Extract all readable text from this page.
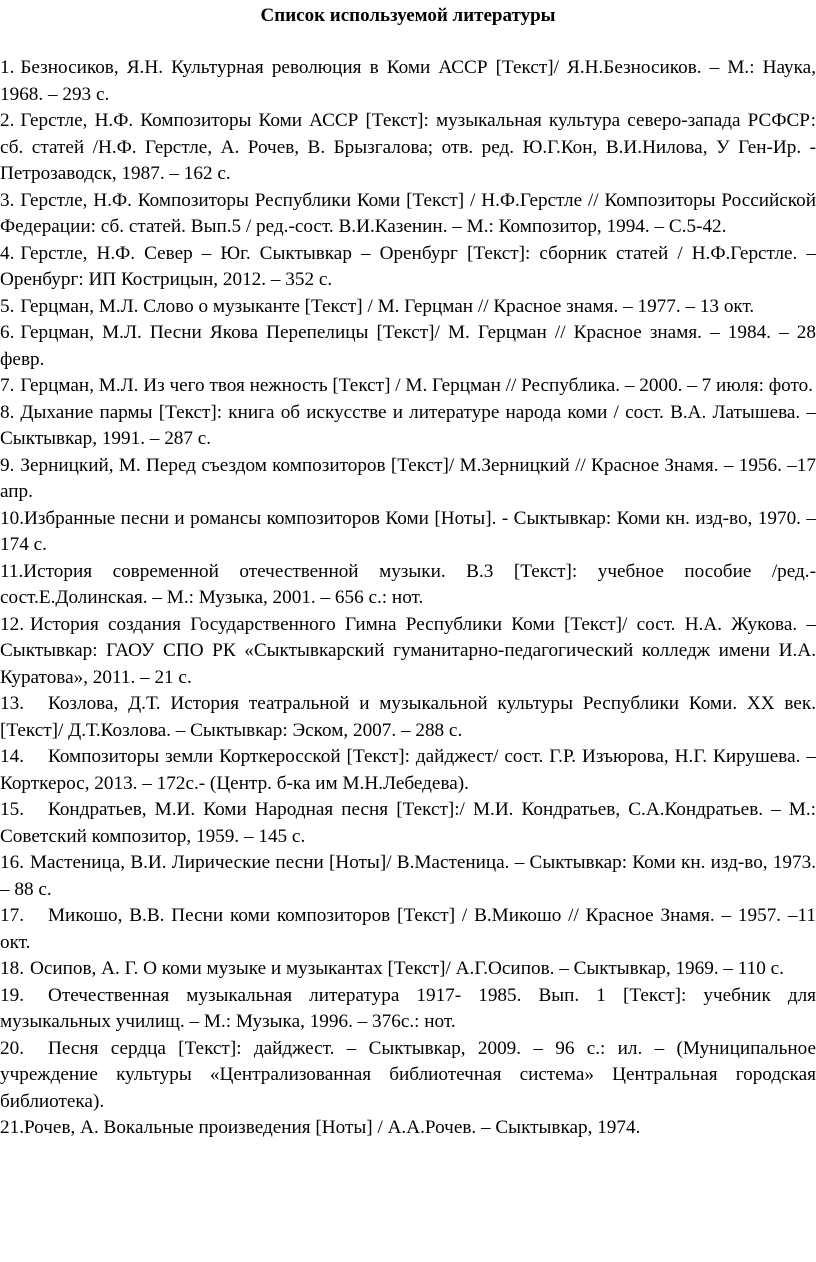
Список используемой литературы
1. Безносиков, Я.Н. Культурная революция в Коми АССР [Текст]/ Я.Н.Безносиков. – М.: Наука, 1968. – 293 с.
2. Герстле, Н.Ф. Композиторы Коми АССР [Текст]: музыкальная культура северо-запада РСФСР: сб. статей /Н.Ф. Герстле, А. Рочев, В. Брызгалова; отв. ред. Ю.Г.Кон, В.И.Нилова, У Ген-Ир. - Петрозаводск, 1987. – 162 с.
3. Герстле, Н.Ф. Композиторы Республики Коми [Текст] / Н.Ф.Герстле // Композиторы Российской Федерации: сб. статей. Вып.5 / ред.-сост. В.И.Казенин. – М.: Композитор, 1994. – С.5-42.
4. Герстле, Н.Ф. Север – Юг. Сыктывкар – Оренбург [Текст]: сборник статей / Н.Ф.Герстле. – Оренбург: ИП Кострицын, 2012. – 352 с.
5. Герцман, М.Л. Слово о музыканте [Текст] / М. Герцман // Красное знамя. – 1977. – 13 окт.
6. Герцман, М.Л. Песни Якова Перепелицы [Текст]/ М. Герцман // Красное знамя. – 1984. – 28 февр.
7. Герцман, М.Л. Из чего твоя нежность [Текст] / М. Герцман // Республика. – 2000. – 7 июля: фото.
8. Дыхание пармы [Текст]: книга об искусстве и литературе народа коми / сост. В.А. Латышева. – Сыктывкар, 1991. – 287 с.
9. Зерницкий, М. Перед съездом композиторов [Текст]/ М.Зерницкий // Красное Знамя. – 1956. –17 апр.
10.Избранные песни и романсы композиторов Коми [Ноты]. - Сыктывкар: Коми кн. изд-во, 1970. –174 с.
11.История современной отечественной музыки. В.3 [Текст]: учебное пособие /ред.-сост.Е.Долинская. – М.: Музыка, 2001. – 656 с.: нот.
12. История создания Государственного Гимна Республики Коми [Текст]/ сост. Н.А. Жукова. – Сыктывкар: ГАОУ СПО РК «Сыктывкарский гуманитарно-педагогический колледж имени И.А. Куратова», 2011. – 21 с.
13. Козлова, Д.Т. История театральной и музыкальной культуры Республики Коми. XX век. [Текст]/ Д.Т.Козлова. – Сыктывкар: Эском, 2007. – 288 с.
14. Композиторы земли Корткеросской [Текст]: дайджест/ сост. Г.Р. Изъюрова, Н.Г. Кирушева. – Корткерос, 2013. – 172с.- (Центр. б-ка им М.Н.Лебедева).
15. Кондратьев, М.И. Коми Народная песня [Текст]:/ М.И. Кондратьев, С.А.Кондратьев. – М.: Советский композитор, 1959. – 145 с.
16. Мастеница, В.И. Лирические песни [Ноты]/ В.Мастеница. – Сыктывкар: Коми кн. изд-во, 1973. – 88 с.
17. Микошо, В.В. Песни коми композиторов [Текст] / В.Микошо // Красное Знамя. – 1957. –11 окт.
18. Осипов, А. Г. О коми музыке и музыкантах [Текст]/ А.Г.Осипов. – Сыктывкар, 1969. – 110 с.
19. Отечественная музыкальная литература 1917- 1985. Вып. 1 [Текст]: учебник для музыкальных училищ. – М.: Музыка, 1996. – 376с.: нот.
20. Песня сердца [Текст]: дайджест. – Сыктывкар, 2009. – 96 с.: ил. – (Муниципальное учреждение культуры «Централизованная библиотечная система» Центральная городская библиотека).
21.Рочев, А. Вокальные произведения [Ноты] / А.А.Рочев. – Сыктывкар, 1974.
